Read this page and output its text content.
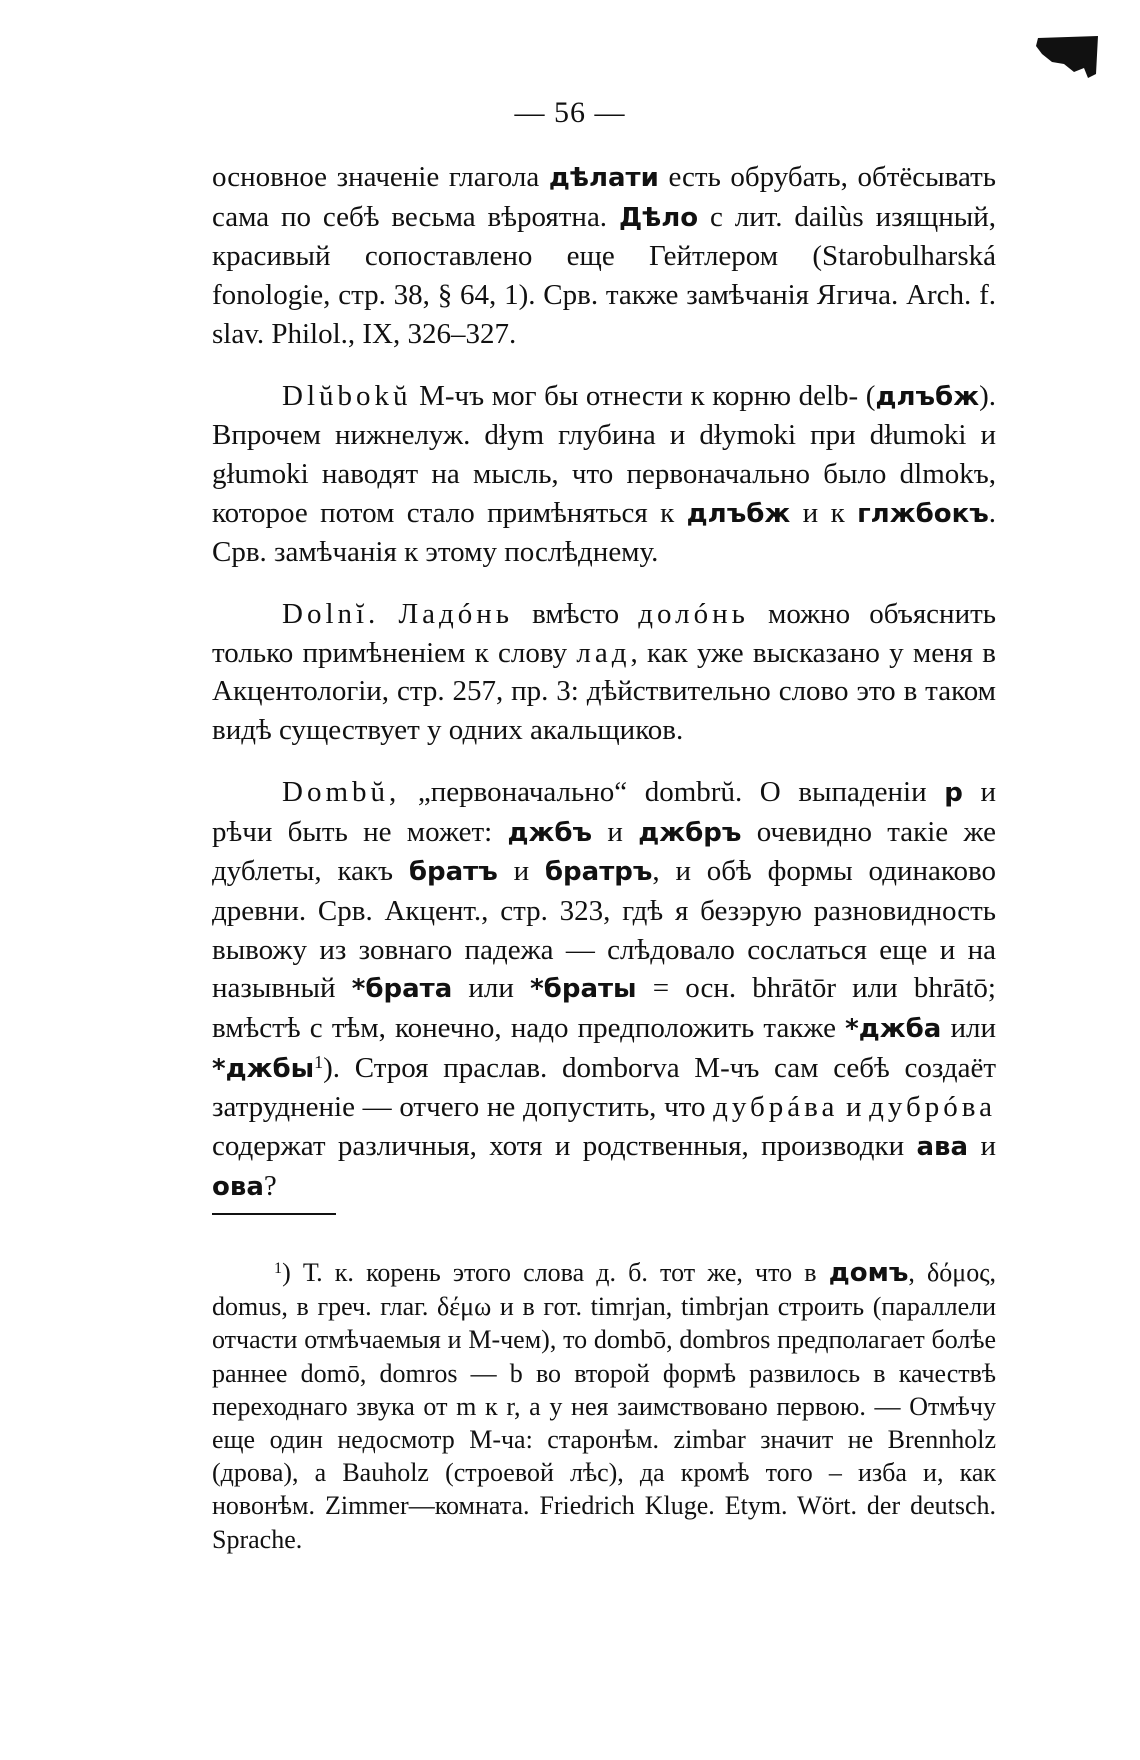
— 56 —

основное значеніе глагола дѣлати есть обрубать, обтёсывать сама по себѣ весьма вѣроятна. Дѣло с лит. dailùs изящный, красивый сопоставлено еще Гейтлером (Starobulharská fonologie, стр. 38, § 64, 1). Срв. также замѣчанія Ягича. Arch. f. slav. Philol., IX, 326–327.

Dlŭbokŭ М-чъ мог бы отнести к корню delb- (длъбж). Впрочем нижнелуж. dłym глубина и dłymoki при dłumoki и głumoki наводят на мысль, что первоначально было dlmokъ, которое потом стало примѣняться к длъбж и к глжбокъ. Срв. замѣчанія к этому послѣднему.

Dolnĭ. Ладóнь вмѣсто долóнь можно объяснить только примѣненіем к слову лад, как уже высказано у меня в Акцентологіи, стр. 257, пр. 3: дѣйствительно слово это в таком видѣ существует у одних акальщиков.

Dombŭ, „первоначально“ dombrŭ. О выпаденіи р и рѣчи быть не может: джбъ и джбръ очевидно такіе же дублеты, какъ братъ и братръ, и обѣ формы одинаково древни. Срв. Акцент., стр. 323, гдѣ я безэрую разновидность вывожу из зовнаго падежа — слѣдовало сослаться еще и на назывный *брата или *браты = осн. bhrātōr или bhrātō; вмѣстѣ с тѣм, конечно, надо предположить также *джба или *джбы$^1$). Строя праслав. domborva М-чъ сам себѣ создаёт затрудненіе — отчего не допустить, что дубрáва и дубрóва содержат различныя, хотя и родственныя, производки ава и ова?

$^1$) Т. к. корень этого слова д. б. тот же, что в домъ, δόμος, domus, в греч. глаг. δέμω и в гот. timrjan, timbrjan строить (параллели отчасти отмѣчаемыя и М-чем), то dombō, dombros предполагает болѣе раннее domō, domros — b во второй формѣ развилось в качествѣ переходнаго звука от m к r, а у нея заимствовано первою. — Отмѣчу еще один недосмотр М-ча: старонѣм. zimbar значит не Brennholz (дрова), а Bauholz (строевой лѣс), да кромѣ того – изба и, как новонѣм. Zimmer—комната. Friedrich Kluge. Etym. Wört. der deutsch. Sprache.
